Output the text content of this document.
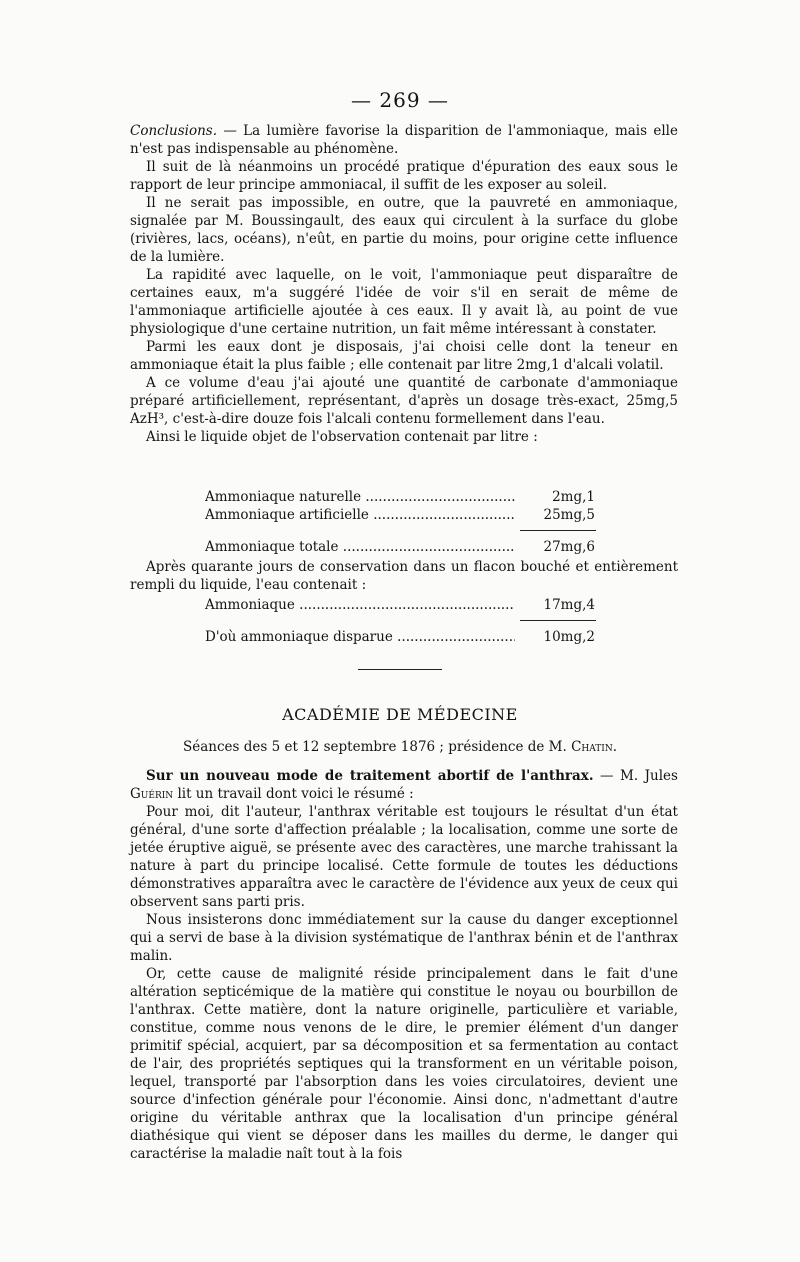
— 269 —

Conclusions. — La lumière favorise la disparition de l'ammoniaque, mais elle n'est pas indispensable au phénomène.

Il suit de là néanmoins un procédé pratique d'épuration des eaux sous le rapport de leur principe ammoniacal, il suffit de les exposer au soleil.

Il ne serait pas impossible, en outre, que la pauvreté en ammoniaque, signalée par M. Boussingault, des eaux qui circulent à la surface du globe (rivières, lacs, océans), n'eût, en partie du moins, pour origine cette influence de la lumière.

La rapidité avec laquelle, on le voit, l'ammoniaque peut disparaître de certaines eaux, m'a suggéré l'idée de voir s'il en serait de même de l'ammoniaque artificielle ajoutée à ces eaux. Il y avait là, au point de vue physiologique d'une certaine nutrition, un fait même intéressant à constater.

Parmi les eaux dont je disposais, j'ai choisi celle dont la teneur en ammoniaque était la plus faible ; elle contenait par litre 2mg,1 d'alcali volatil.

A ce volume d'eau j'ai ajouté une quantité de carbonate d'ammoniaque préparé artificiellement, représentant, d'après un dosage très-exact, 25mg,5 AzH³, c'est-à-dire douze fois l'alcali contenu formellement dans l'eau.

Ainsi le liquide objet de l'observation contenait par litre :

Ammoniaque naturelle .....	2mg,1
Ammoniaque artificielle .....	25mg,5
Ammoniaque totale .....	27mg,6

Après quarante jours de conservation dans un flacon bouché et entièrement rempli du liquide, l'eau contenait :

Ammoniaque .....	17mg,4
D'où ammoniaque disparue .....	10mg,2
ACADÉMIE DE MÉDECINE
Séances des 5 et 12 septembre 1876 ; présidence de M. Chatin.

Sur un nouveau mode de traitement abortif de l'anthrax. — M. Jules Guérin lit un travail dont voici le résumé :

Pour moi, dit l'auteur, l'anthrax véritable est toujours le résultat d'un état général, d'une sorte d'affection préalable ; la localisation, comme une sorte de jetée éruptive aiguë, se présente avec des caractères, une marche trahissant la nature à part du principe localisé. Cette formule de toutes les déductions démonstratives apparaîtra avec le caractère de l'évidence aux yeux de ceux qui observent sans parti pris.

Nous insisterons donc immédiatement sur la cause du danger exceptionnel qui a servi de base à la division systématique de l'anthrax bénin et de l'anthrax malin.

Or, cette cause de malignité réside principalement dans le fait d'une altération septicémique de la matière qui constitue le noyau ou bourbillon de l'anthrax. Cette matière, dont la nature originelle, particulière et variable, constitue, comme nous venons de le dire, le premier élément d'un danger primitif spécial, acquiert, par sa décomposition et sa fermentation au contact de l'air, des propriétés septiques qui la transforment en un véritable poison, lequel, transporté par l'absorption dans les voies circulatoires, devient une source d'infection générale pour l'économie. Ainsi donc, n'admettant d'autre origine du véritable anthrax que la localisation d'un principe général diathésique qui vient se déposer dans les mailles du derme, le danger qui caractérise la maladie naît tout à la fois
